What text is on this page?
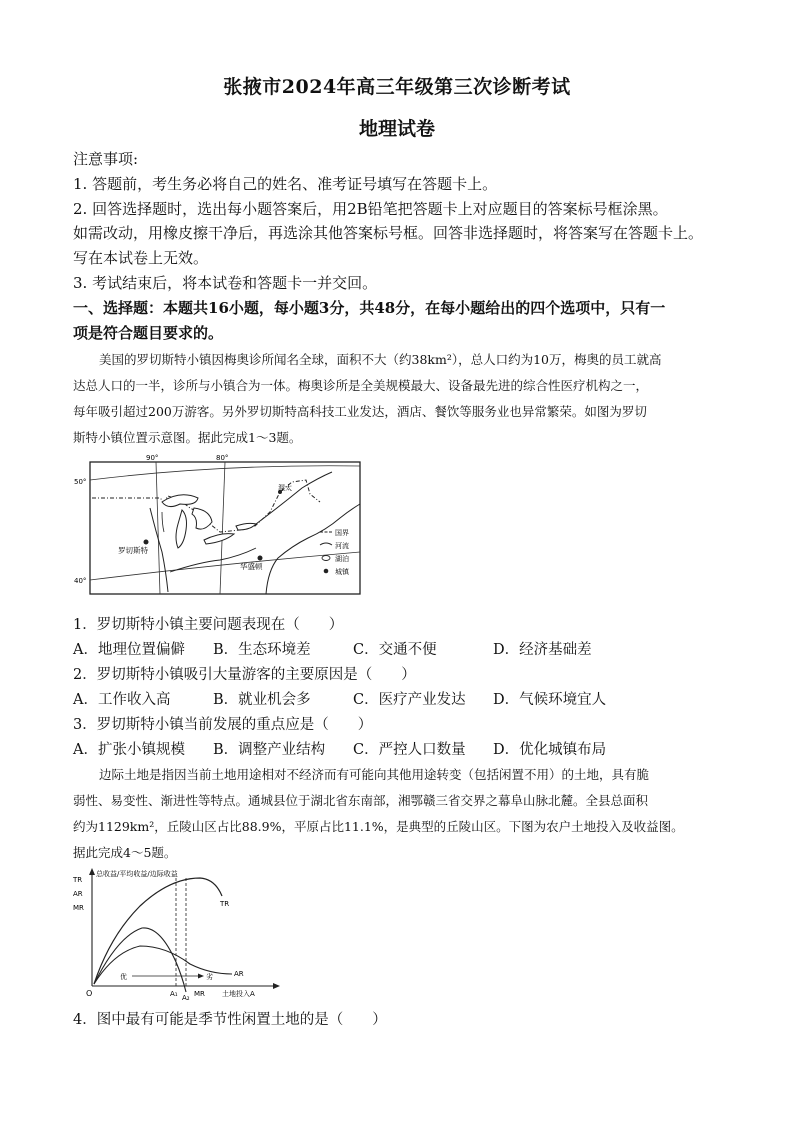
张掖市2024年高三年级第三次诊断考试
地理试卷
注意事项:
1. 答题前，考生务必将自己的姓名、准考证号填写在答题卡上。
2. 回答选择题时，选出每小题答案后，用2B铅笔把答题卡上对应题目的答案标号框涂黑。
如需改动，用橡皮擦干净后，再选涂其他答案标号框。回答非选择题时，将答案写在答题卡上。
写在本试卷上无效。
3. 考试结束后，将本试卷和答题卡一并交回。
一、选择题：本题共16小题，每小题3分，共48分，在每小题给出的四个选项中，只有一
项是符合题目要求的。
美国的罗切斯特小镇因梅奥诊所闻名全球，面积不大（约38km²），总人口约为10万，梅奥的员工就高
达总人口的一半，诊所与小镇合为一体。梅奥诊所是全美规模最大、设备最先进的综合性医疗机构之一，
每年吸引超过200万游客。另外罗切斯特高科技工业发达，酒店、餐饮等服务业也异常繁荣。如图为罗切
斯特小镇位置示意图。据此完成1～3题。
90°	80°
50°
40°
罗切斯特
华盛顿
渥太
国界
河流
湖泊
城镇
1．罗切斯特小镇主要问题表现在（　　）
A．地理位置偏僻 B．生态环境差	C．交通不便	D．经济基础差
2．罗切斯特小镇吸引大量游客的主要原因是（　　）
A．工作收入高	B．就业机会多	C．医疗产业发达 D．气候环境宜人
3．罗切斯特小镇当前发展的重点应是（　　）
A．扩张小镇规模 B．调整产业结构 C．严控人口数量 D．优化城镇布局
边际土地是指因当前土地用途相对不经济而有可能向其他用途转变（包括闲置不用）的土地，具有脆
弱性、易变性、渐进性等特点。通城县位于湖北省东南部，湘鄂赣三省交界之幕阜山脉北麓。全县总面积
约为1129km²，丘陵山区占比88.9%，平原占比11.1%，是典型的丘陵山区。下图为农户土地投入及收益图。
据此完成4～5题。
总收益/平均收益/边际收益
TR
AR
MR
O
TR
AR
优	劣
A₁ A₂ MR 土地投入A
4．图中最有可能是季节性闲置土地的是（　　）
